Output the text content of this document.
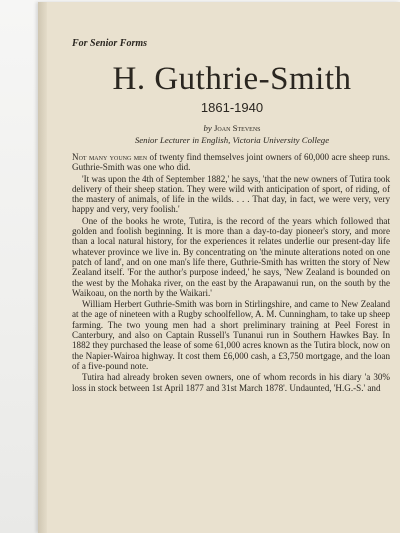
For Senior Forms

H. Guthrie-Smith

1861-1940

by Joan Stevens

Senior Lecturer in English, Victoria University College

Not many young men of twenty find themselves joint owners of 60,000 acre sheep runs. Guthrie-Smith was one who did.

'It was upon the 4th of September 1882,' he says, 'that the new owners of Tutira took delivery of their sheep station. They were wild with anticipation of sport, of riding, of the mastery of animals, of life in the wilds. . . . That day, in fact, we were very, very happy and very, very foolish.'

One of the books he wrote, Tutira, is the record of the years which followed that golden and foolish beginning. It is more than a day-to-day pioneer's story, and more than a local natural history, for the experiences it relates underlie our present-day life whatever province we live in. By concentrating on 'the minute alterations noted on one patch of land', and on one man's life there, Guthrie-Smith has written the story of New Zealand itself. 'For the author's purpose indeed,' he says, 'New Zealand is bounded on the west by the Mohaka river, on the east by the Arapawanui run, on the south by the Waikoau, on the north by the Waikari.'

William Herbert Guthrie-Smith was born in Stirlingshire, and came to New Zealand at the age of nineteen with a Rugby schoolfellow, A. M. Cunningham, to take up sheep farming. The two young men had a short preliminary training at Peel Forest in Canterbury, and also on Captain Russell's Tunanui run in Southern Hawkes Bay. In 1882 they purchased the lease of some 61,000 acres known as the Tutira block, now on the Napier-Wairoa highway. It cost them £6,000 cash, a £3,750 mortgage, and the loan of a five-pound note.

Tutira had already broken seven owners, one of whom records in his diary 'a 30% loss in stock between 1st April 1877 and 31st March 1878'. Undaunted, 'H.G.-S.' and
